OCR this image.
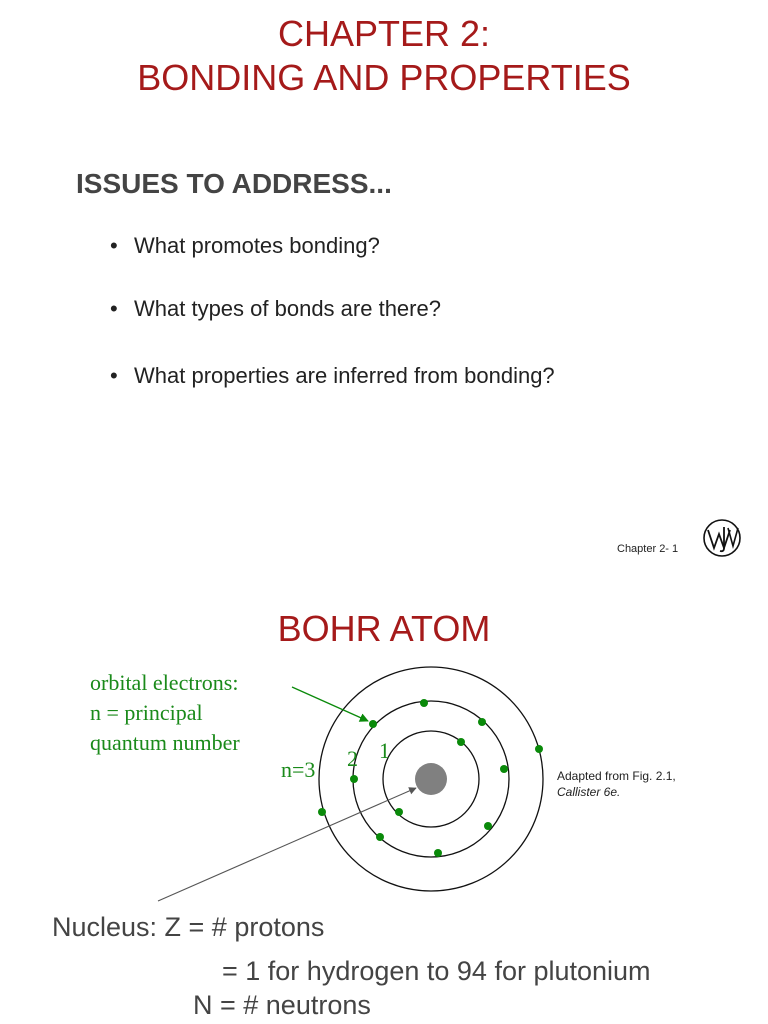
CHAPTER 2:
BONDING AND PROPERTIES
ISSUES TO ADDRESS...
• What promotes bonding?
• What types of bonds are there?
• What properties are inferred from bonding?
Chapter 2- 1
BOHR ATOM
orbital electrons:
n = principal
quantum number
n=3 2 1
Adapted from Fig. 2.1,
Callister 6e.
Nucleus: Z = # protons
= 1 for hydrogen to 94 for plutonium
N = # neutrons
